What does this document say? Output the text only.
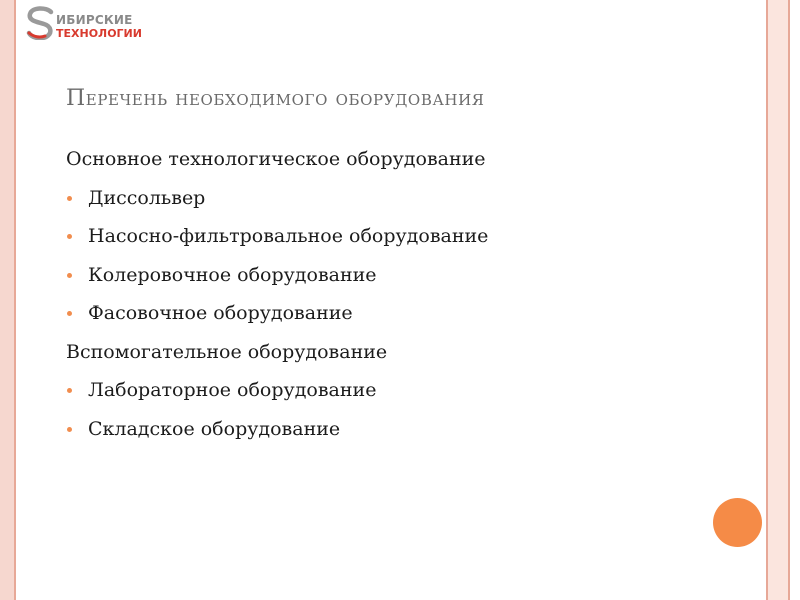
ИБИРСКИЕ
ТЕХНОЛОГИИ
Перечень необходимого оборудования
Основное технологическое оборудование
Диссольвер
Насосно-фильтровальное оборудование
Колеровочное оборудование
Фасовочное оборудование
Вспомогательное оборудование
Лабораторное оборудование
Складское оборудование
